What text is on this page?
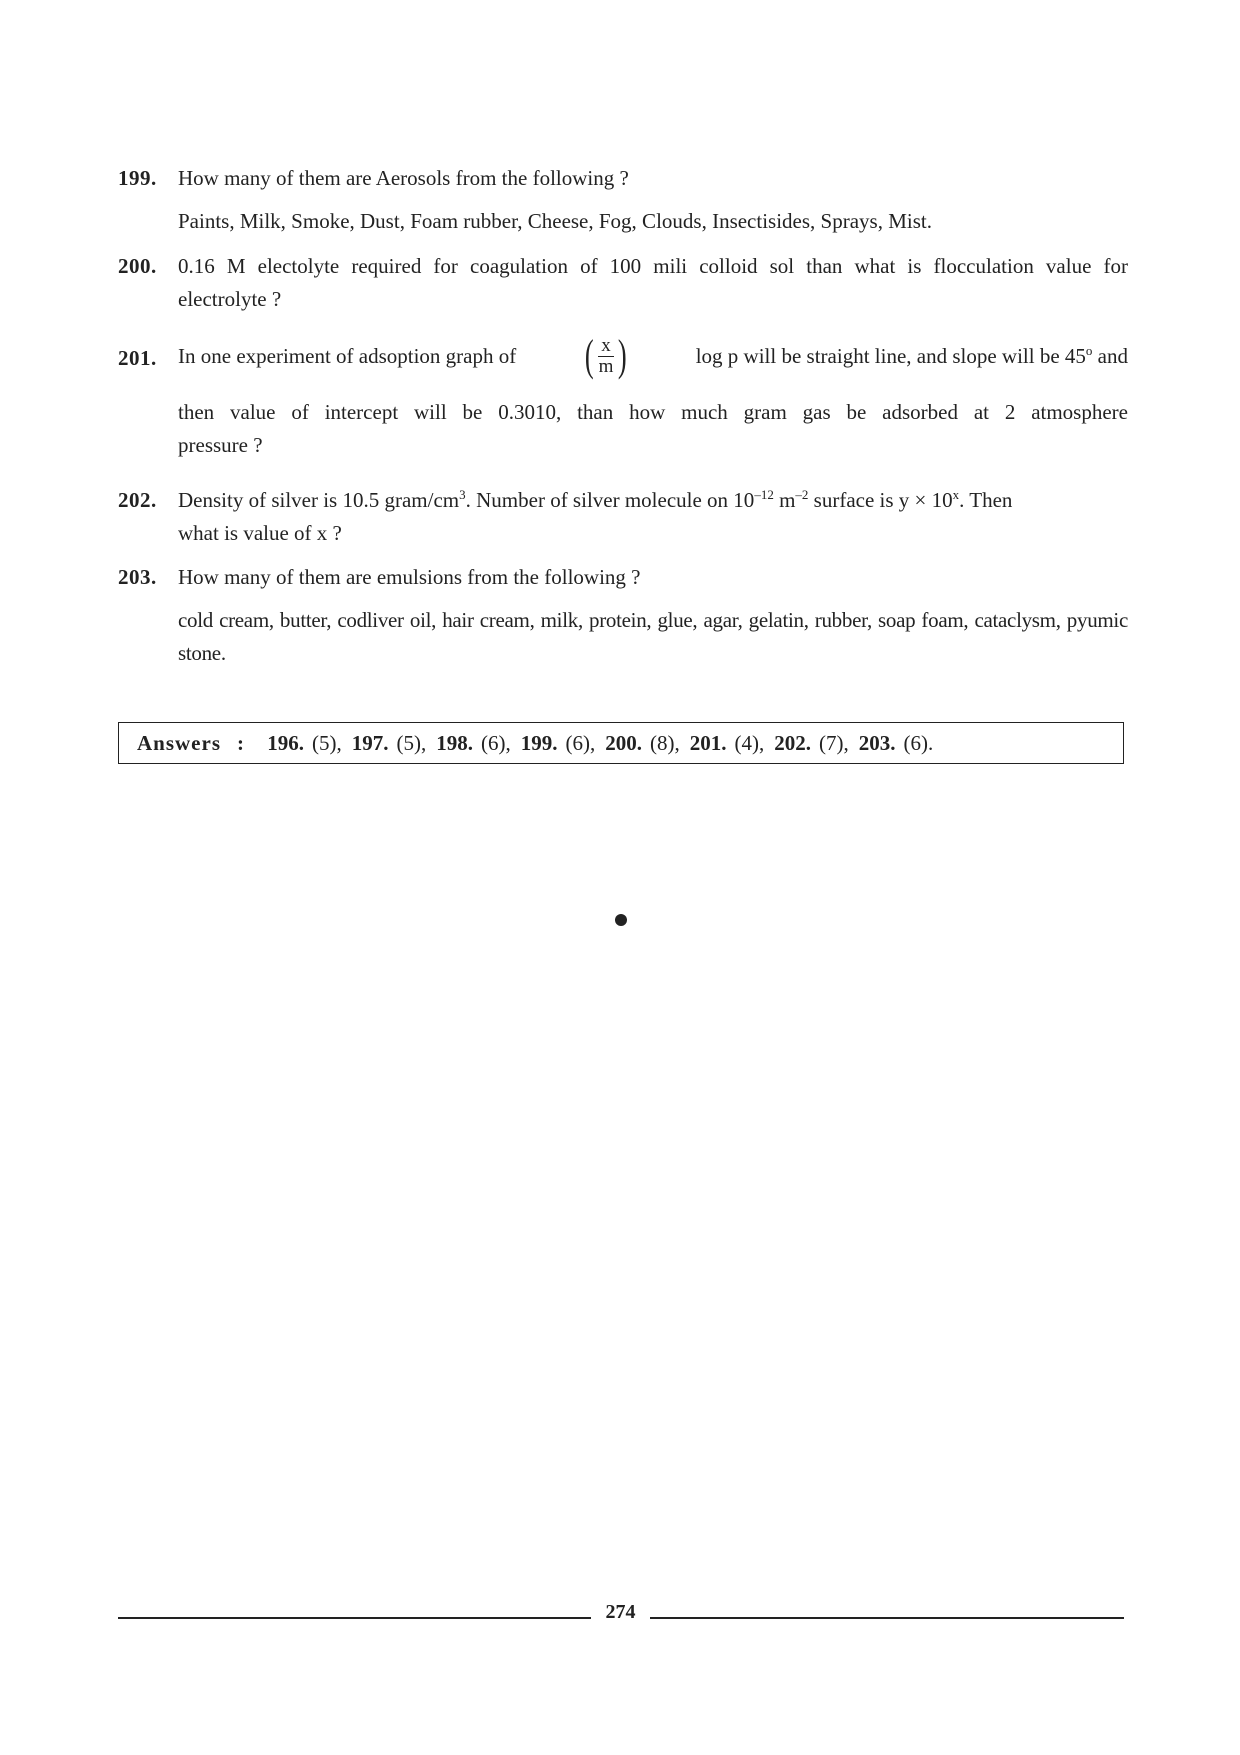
199.	How many of them are Aerosols from the following ?
Paints, Milk, Smoke, Dust, Foam rubber, Cheese, Fog, Clouds, Insectisides, Sprays, Mist.
200.	0.16 M electolyte required for coagulation of 100 mili colloid sol than what is flocculation value for
electrolyte ?
201.	In one experiment of adsoption graph of ( $\frac{x}{m}$ )	log p will be straight line, and slope will be 45$^o$ and
then value of intercept will be 0.3010, than how much gram gas be adsorbed at 2 atmosphere
pressure ?
202.	Density of silver is 10.5 gram/$cm^3$. Number of silver molecule on $10^{-12}$ $m^{-2}$ surface is $y \times 10^x$. Then
what is value of x ?
203.	How many of them are emulsions from the following ?
cold cream, butter, codliver oil, hair cream, milk, protein, glue, agar, gelatin, rubber, soap foam, cataclysm, pyumic stone.
Answers : 196. (5), 197. (5), 198. (6), 199. (6), 200. (8), 201. (4), 202. (7), 203. (6).
274
